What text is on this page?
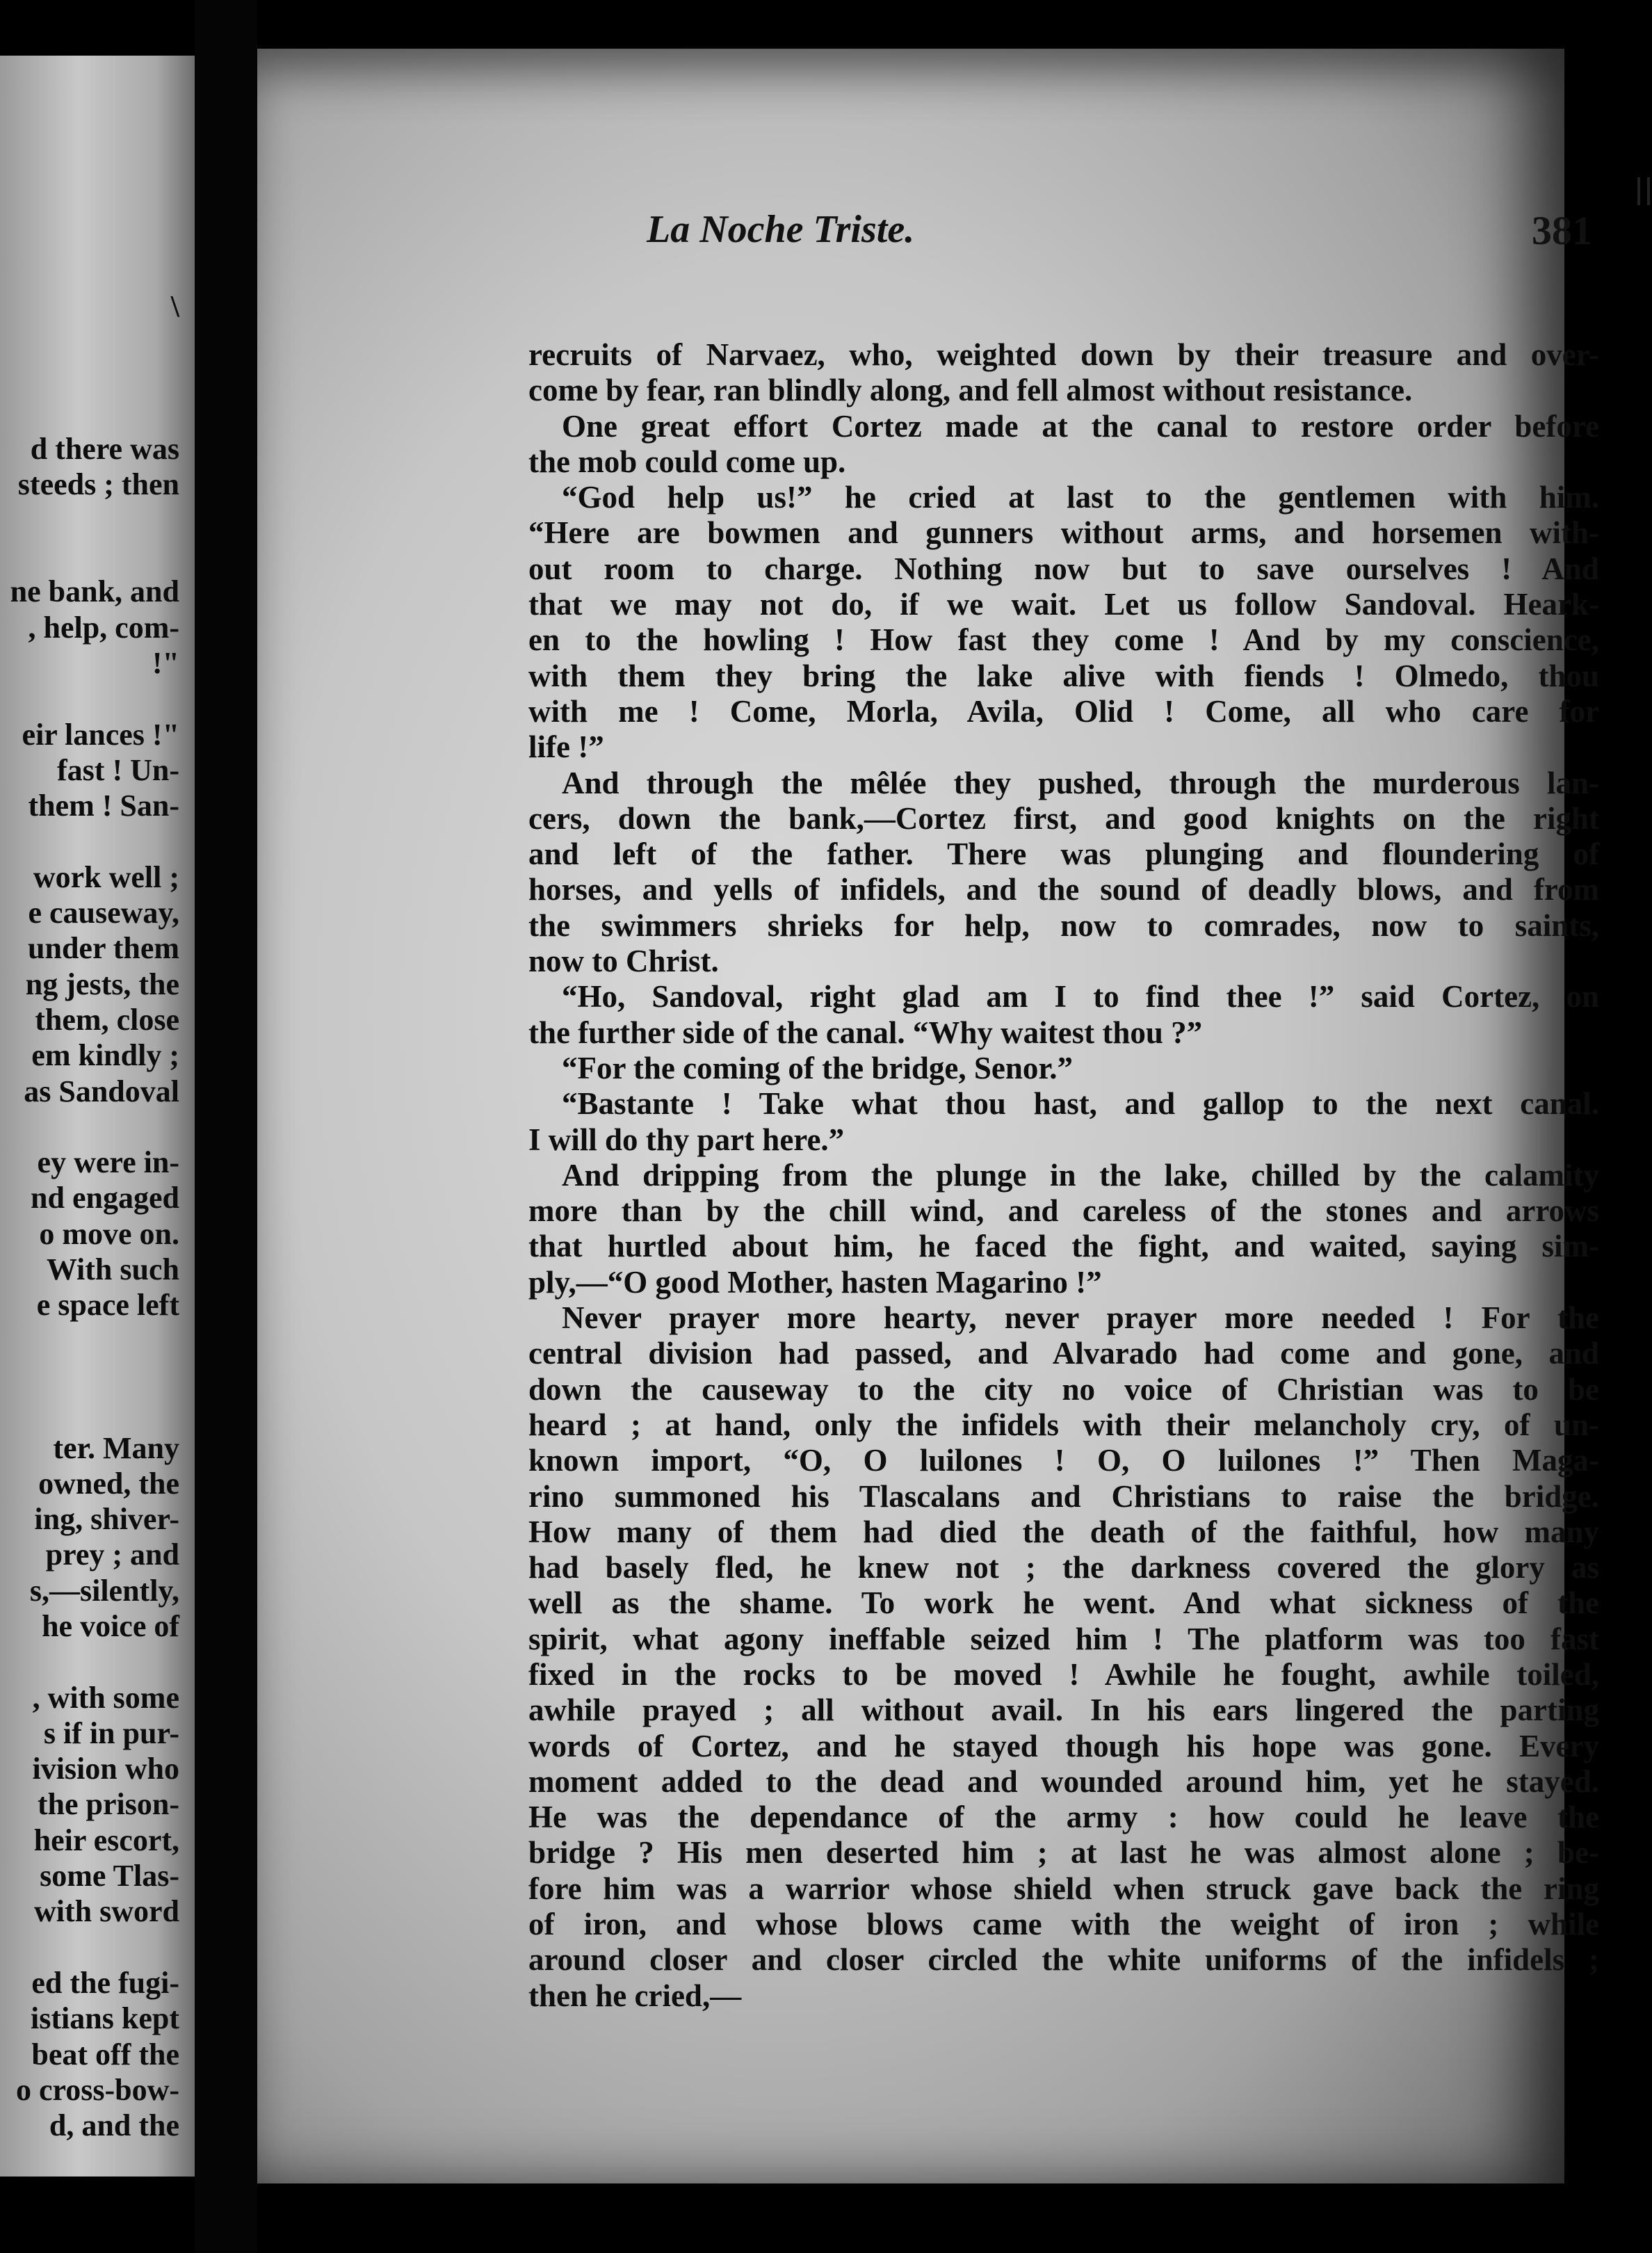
\
d there was
steeds ; then
ne bank, and
, help, com-
!"
eir lances !"
fast ! Un-
them ! San-
work well ;
e causeway,
under them
ng jests, the
them, close
em kindly ;
as Sandoval
ey were in-
nd engaged
o move on.
With such
e space left
ter. Many
owned, the
ing, shiver-
prey ; and
s,—silently,
he voice of
, with some
s if in pur-
ivision who
the prison-
heir escort,
some Tlas-
with sword
ed the fugi-
istians kept
beat off the
o cross-bow-
d, and the
La Noche Triste.	381
recruits of Narvaez, who, weighted down by their treasure and over-
come by fear, ran blindly along, and fell almost without resistance.
One great effort Cortez made at the canal to restore order before
the mob could come up.
“God help us!” he cried at last to the gentlemen with him.
“Here are bowmen and gunners without arms, and horsemen with-
out room to charge. Nothing now but to save ourselves ! And
that we may not do, if we wait. Let us follow Sandoval. Heark-
en to the howling ! How fast they come ! And by my conscience,
with them they bring the lake alive with fiends ! Olmedo, thou
with me ! Come, Morla, Avila, Olid ! Come, all who care for
life !”
And through the mêlée they pushed, through the murderous lan-
cers, down the bank,—Cortez first, and good knights on the right
and left of the father. There was plunging and floundering of
horses, and yells of infidels, and the sound of deadly blows, and from
the swimmers shrieks for help, now to comrades, now to saints,
now to Christ.
“Ho, Sandoval, right glad am I to find thee !” said Cortez, on
the further side of the canal. “Why waitest thou ?”
“For the coming of the bridge, Senor.”
“Bastante ! Take what thou hast, and gallop to the next canal.
I will do thy part here.”
And dripping from the plunge in the lake, chilled by the calamity
more than by the chill wind, and careless of the stones and arrows
that hurtled about him, he faced the fight, and waited, saying sim-
ply,—“O good Mother, hasten Magarino !”
Never prayer more hearty, never prayer more needed ! For the
central division had passed, and Alvarado had come and gone, and
down the causeway to the city no voice of Christian was to be
heard ; at hand, only the infidels with their melancholy cry, of un-
known import, “O, O luilones ! O, O luilones !” Then Maga-
rino summoned his Tlascalans and Christians to raise the bridge.
How many of them had died the death of the faithful, how many
had basely fled, he knew not ; the darkness covered the glory as
well as the shame. To work he went. And what sickness of the
spirit, what agony ineffable seized him ! The platform was too fast
fixed in the rocks to be moved ! Awhile he fought, awhile toiled,
awhile prayed ; all without avail. In his ears lingered the parting
words of Cortez, and he stayed though his hope was gone. Every
moment added to the dead and wounded around him, yet he stayed.
He was the dependance of the army : how could he leave the
bridge ? His men deserted him ; at last he was almost alone ; be-
fore him was a warrior whose shield when struck gave back the ring
of iron, and whose blows came with the weight of iron ; while
around closer and closer circled the white uniforms of the infidels ;
then he cried,—
